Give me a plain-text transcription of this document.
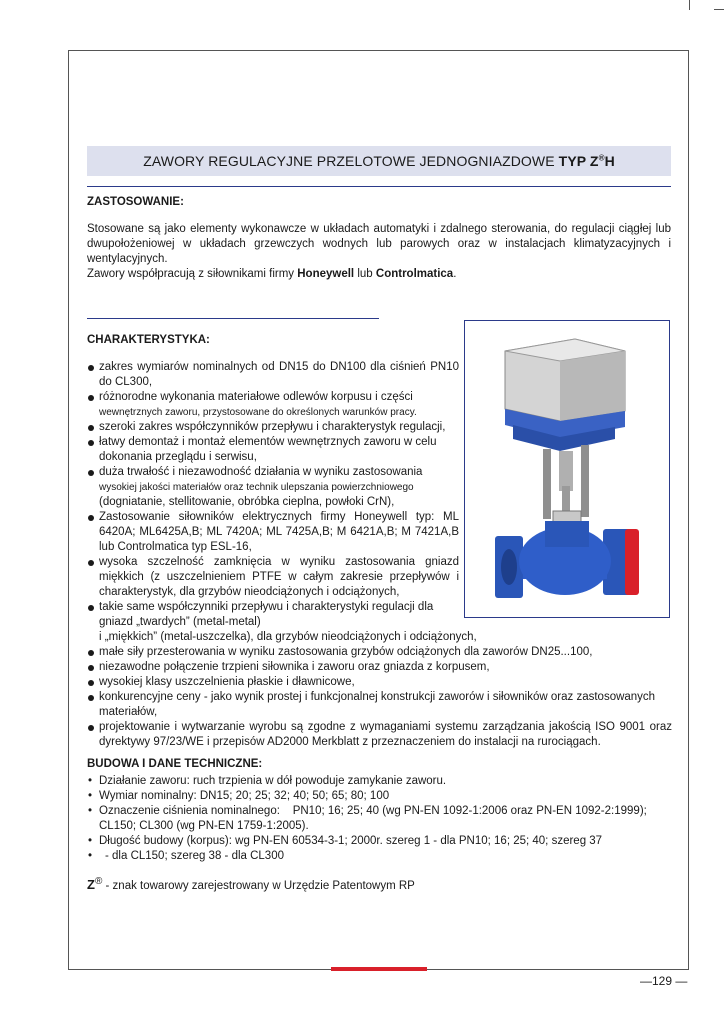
ZAWORY REGULACYJNE PRZELOTOWE JEDNOGNIAZDOWE TYP Z®H
ZASTOSOWANIE:

Stosowane są jako elementy wykonawcze w układach automatyki i zdalnego sterowania, do regulacji ciągłej lub dwupołożeniowej w układach grzewczych wodnych lub parowych oraz w instalacjach klimatyzacyjnych i wentylacyjnych.

Zawory współpracują z siłownikami firmy Honeywell lub Controlmatica.

CHARAKTERYSTYKA:
zakres wymiarów nominalnych od DN15 do DN100 dla ciśnień PN10 do CL300,
różnorodne wykonania materiałowe odlewów korpusu i części
wewnętrznych zaworu, przystosowane do określonych warunków pracy.
szeroki zakres współczynników przepływu i charakterystyk regulacji,
łatwy demontaż i montaż elementów wewnętrznych zaworu w celu dokonania przeglądu i serwisu,
duża trwałość i niezawodność działania w wyniku zastosowania
wysokiej jakości materiałów oraz technik ulepszania powierzchniowego
(dogniatanie, stellitowanie, obróbka cieplna, powłoki CrN),
Zastosowanie siłowników elektrycznych firmy Honeywell typ: ML 6420A; ML6425A,B; ML 7420A; ML 7425A,B; M 6421A,B; M 7421A,B lub Controlmatica typ ESL-16,
wysoka szczelność zamknięcia w wyniku zastosowania gniazd miękkich (z uszczelnieniem PTFE w całym zakresie przepływów i charakterystyk, dla grzybów nieodciążonych i odciążonych,
takie same współczynniki przepływu i charakterystyki regulacji dla gniazd „twardych” (metal-metal)
i „miękkich” (metal-uszczelka), dla grzybów nieodciążonych i odciążonych,
małe siły przesterowania w wyniku zastosowania grzybów odciążonych dla zaworów DN25...100,
niezawodne połączenie trzpieni siłownika i zaworu oraz gniazda z korpusem,
wysokiej klasy uszczelnienia płaskie i dławnicowe,
konkurencyjne ceny - jako wynik prostej i funkcjonalnej konstrukcji zaworów i siłowników oraz zastosowanych materiałów,
projektowanie i wytwarzanie wyrobu są zgodne z wymaganiami systemu zarządzania jakością ISO 9001 oraz dyrektywy 97/23/WE i przepisów AD2000 Merkblatt z przeznaczeniem do instalacji na rurociągach.
BUDOWA I DANE TECHNICZNE:
• Działanie zaworu: ruch trzpienia w dół powoduje zamykanie zaworu.
• Wymiar nominalny: DN15; 20; 25; 32; 40; 50; 65; 80; 100
• Oznaczenie ciśnienia nominalnego:    PN10; 16; 25; 40 (wg PN-EN 1092-1:2006 oraz PN-EN 1092-2:1999); CL150; CL300 (wg PN-EN 1759-1:2005).
• Długość budowy (korpus): wg PN-EN 60534-3-1; 2000r. szereg 1 - dla PN10; 16; 25; 40; szereg 37
• - dla CL150; szereg 38 - dla CL300
Z® - znak towarowy zarejestrowany w Urzędzie Patentowym RP
—129 —
